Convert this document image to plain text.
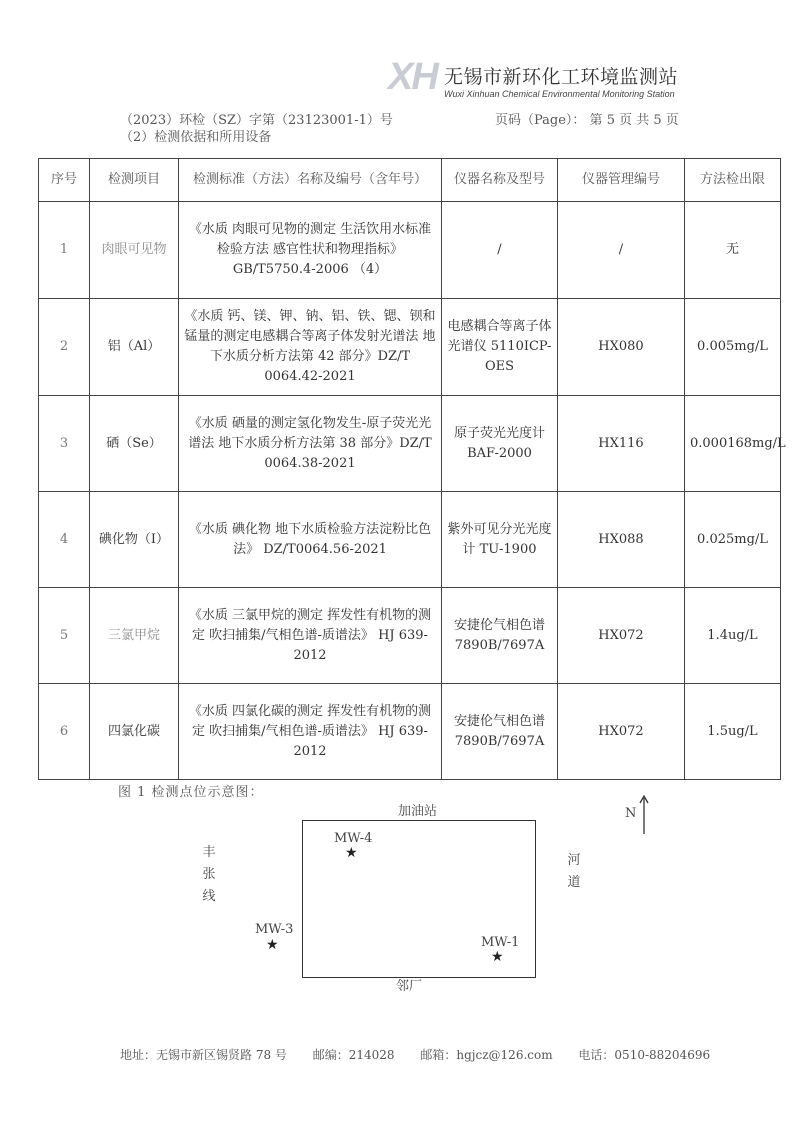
XH 无锡市新环化工环境监测站
Wuxi Xinhuan Chemical Environmental Monitoring Station
（2023）环检（SZ）字第（23123001-1）号	页码（Page）： 第 5 页 共 5 页
（2）检测依据和所用设备
序号	检测项目	检测标准（方法）名称及编号（含年号）	仪器名称及型号	仪器管理编号	方法检出限
1	肉眼可见物	《水质 肉眼可见物的测定 生活饮用水标准检验方法 感官性状和物理指标》 GB/T5750.4-2006 （4）	/	/	无
2	铝（Al）	《水质 钙、镁、钾、钠、铝、铁、锶、钡和锰量的测定电感耦合等离子体发射光谱法 地下水质分析方法第 42 部分》DZ/T 0064.42-2021	电感耦合等离子体光谱仪 5110ICP-OES	HX080	0.005mg/L
3	硒（Se）	《水质 硒量的测定氢化物发生-原子荧光光谱法 地下水质分析方法第 38 部分》DZ/T 0064.38-2021	原子荧光光度计 BAF-2000	HX116	0.000168mg/L
4	碘化物（I）	《水质 碘化物 地下水质检验方法淀粉比色法》 DZ/T0064.56-2021	紫外可见分光光度计 TU-1900	HX088	0.025mg/L
5	三氯甲烷	《水质 三氯甲烷的测定 挥发性有机物的测定 吹扫捕集/气相色谱-质谱法》 HJ 639-2012	安捷伦气相色谱 7890B/7697A	HX072	1.4ug/L
6	四氯化碳	《水质 四氯化碳的测定 挥发性有机物的测定 吹扫捕集/气相色谱-质谱法》 HJ 639-2012	安捷伦气相色谱 7890B/7697A	HX072	1.5ug/L
图 1 检测点位示意图：
N
加油站
邻厂
丰张线
河道
MW-4
★
MW-3
★	MW-1
★
地址：无锡市新区锡贤路 78 号 邮编：214028 邮箱：hgjcz@126.com 电话：0510-88204696
